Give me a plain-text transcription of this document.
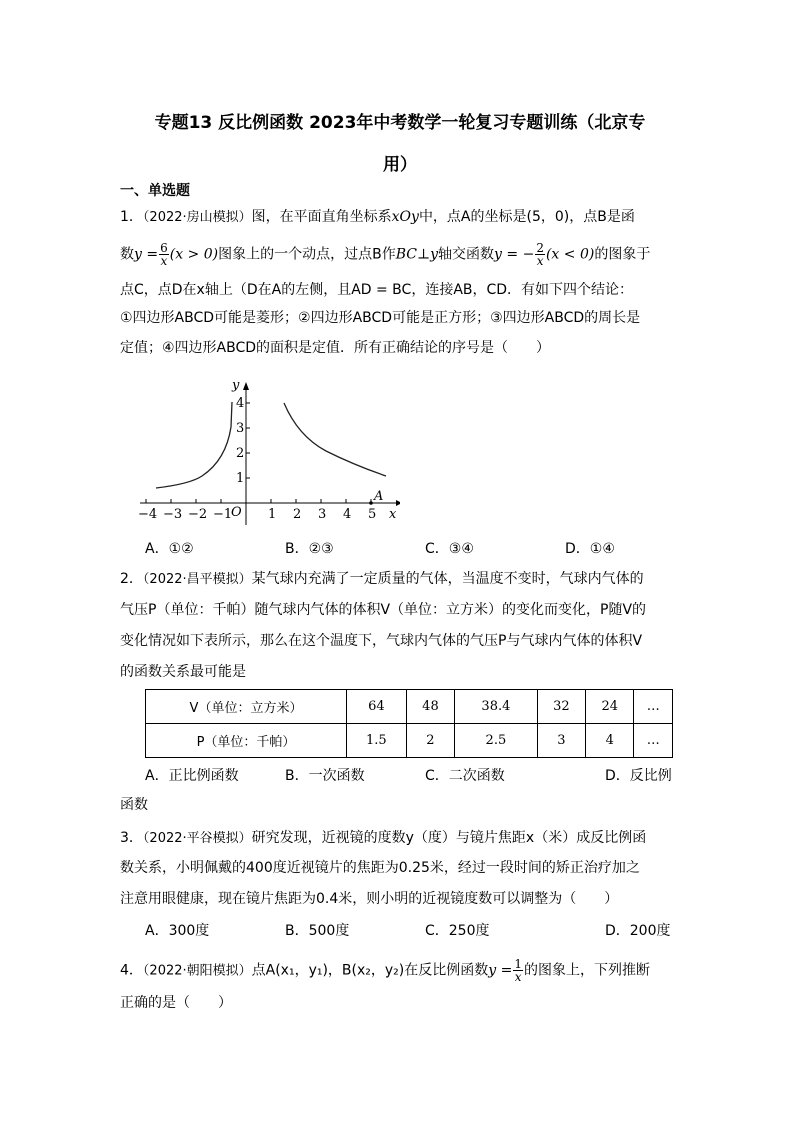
专题13 反比例函数 2023年中考数学一轮复习专题训练（北京专
用）
一、单选题
1．（2022·房山模拟）图，在平面直角坐标系xOy中，点A的坐标是(5，0)，点B是函
数$y = \frac{6}{x} (x > 0)$图象上的一个动点，过点B作BC⊥y轴交函数y = − $\frac{2}{x} (x < 0)$的图象于
点C，点D在x轴上（D在A的左侧，且AD = BC，连接AB，CD．有如下四个结论：
①四边形ABCD可能是菱形；②四边形ABCD可能是正方形；③四边形ABCD的周长是
定值；④四边形ABCD的面积是定值．所有正确结论的序号是（　　）
−4 −3 −2 −1	1 2 3 4 5
1
2
3
4
O	x
y
A
A．①②	B．②③	C．③④	D．①④
2．（2022·昌平模拟）某气球内充满了一定质量的气体，当温度不变时，气球内气体的
气压P（单位：千帕）随气球内气体的体积V（单位：立方米）的变化而变化，P随V的
变化情况如下表所示，那么在这个温度下，气球内气体的气压P与气球内气体的体积V
的函数关系最可能是
V（单位：立方米）	64	48	38.4	32	24	…
P（单位：千帕）	1.5	2	2.5	3	4	…
A．正比例函数	B．一次函数	C．二次函数	D．反比例
函数
3．（2022·平谷模拟）研究发现，近视镜的度数y（度）与镜片焦距x（米）成反比例函
数关系，小明佩戴的400度近视镜片的焦距为0.25米，经过一段时间的矫正治疗加之
注意用眼健康，现在镜片焦距为0.4米，则小明的近视镜度数可以调整为（　　）
A．300度	B．500度	C．250度	D．200度
4．（2022·朝阳模拟）点A(x₁，y₁)，B(x₂，y₂)在反比例函数$y = \frac{1}{x}$ 的图象上，下列推断
正确的是（　　）
